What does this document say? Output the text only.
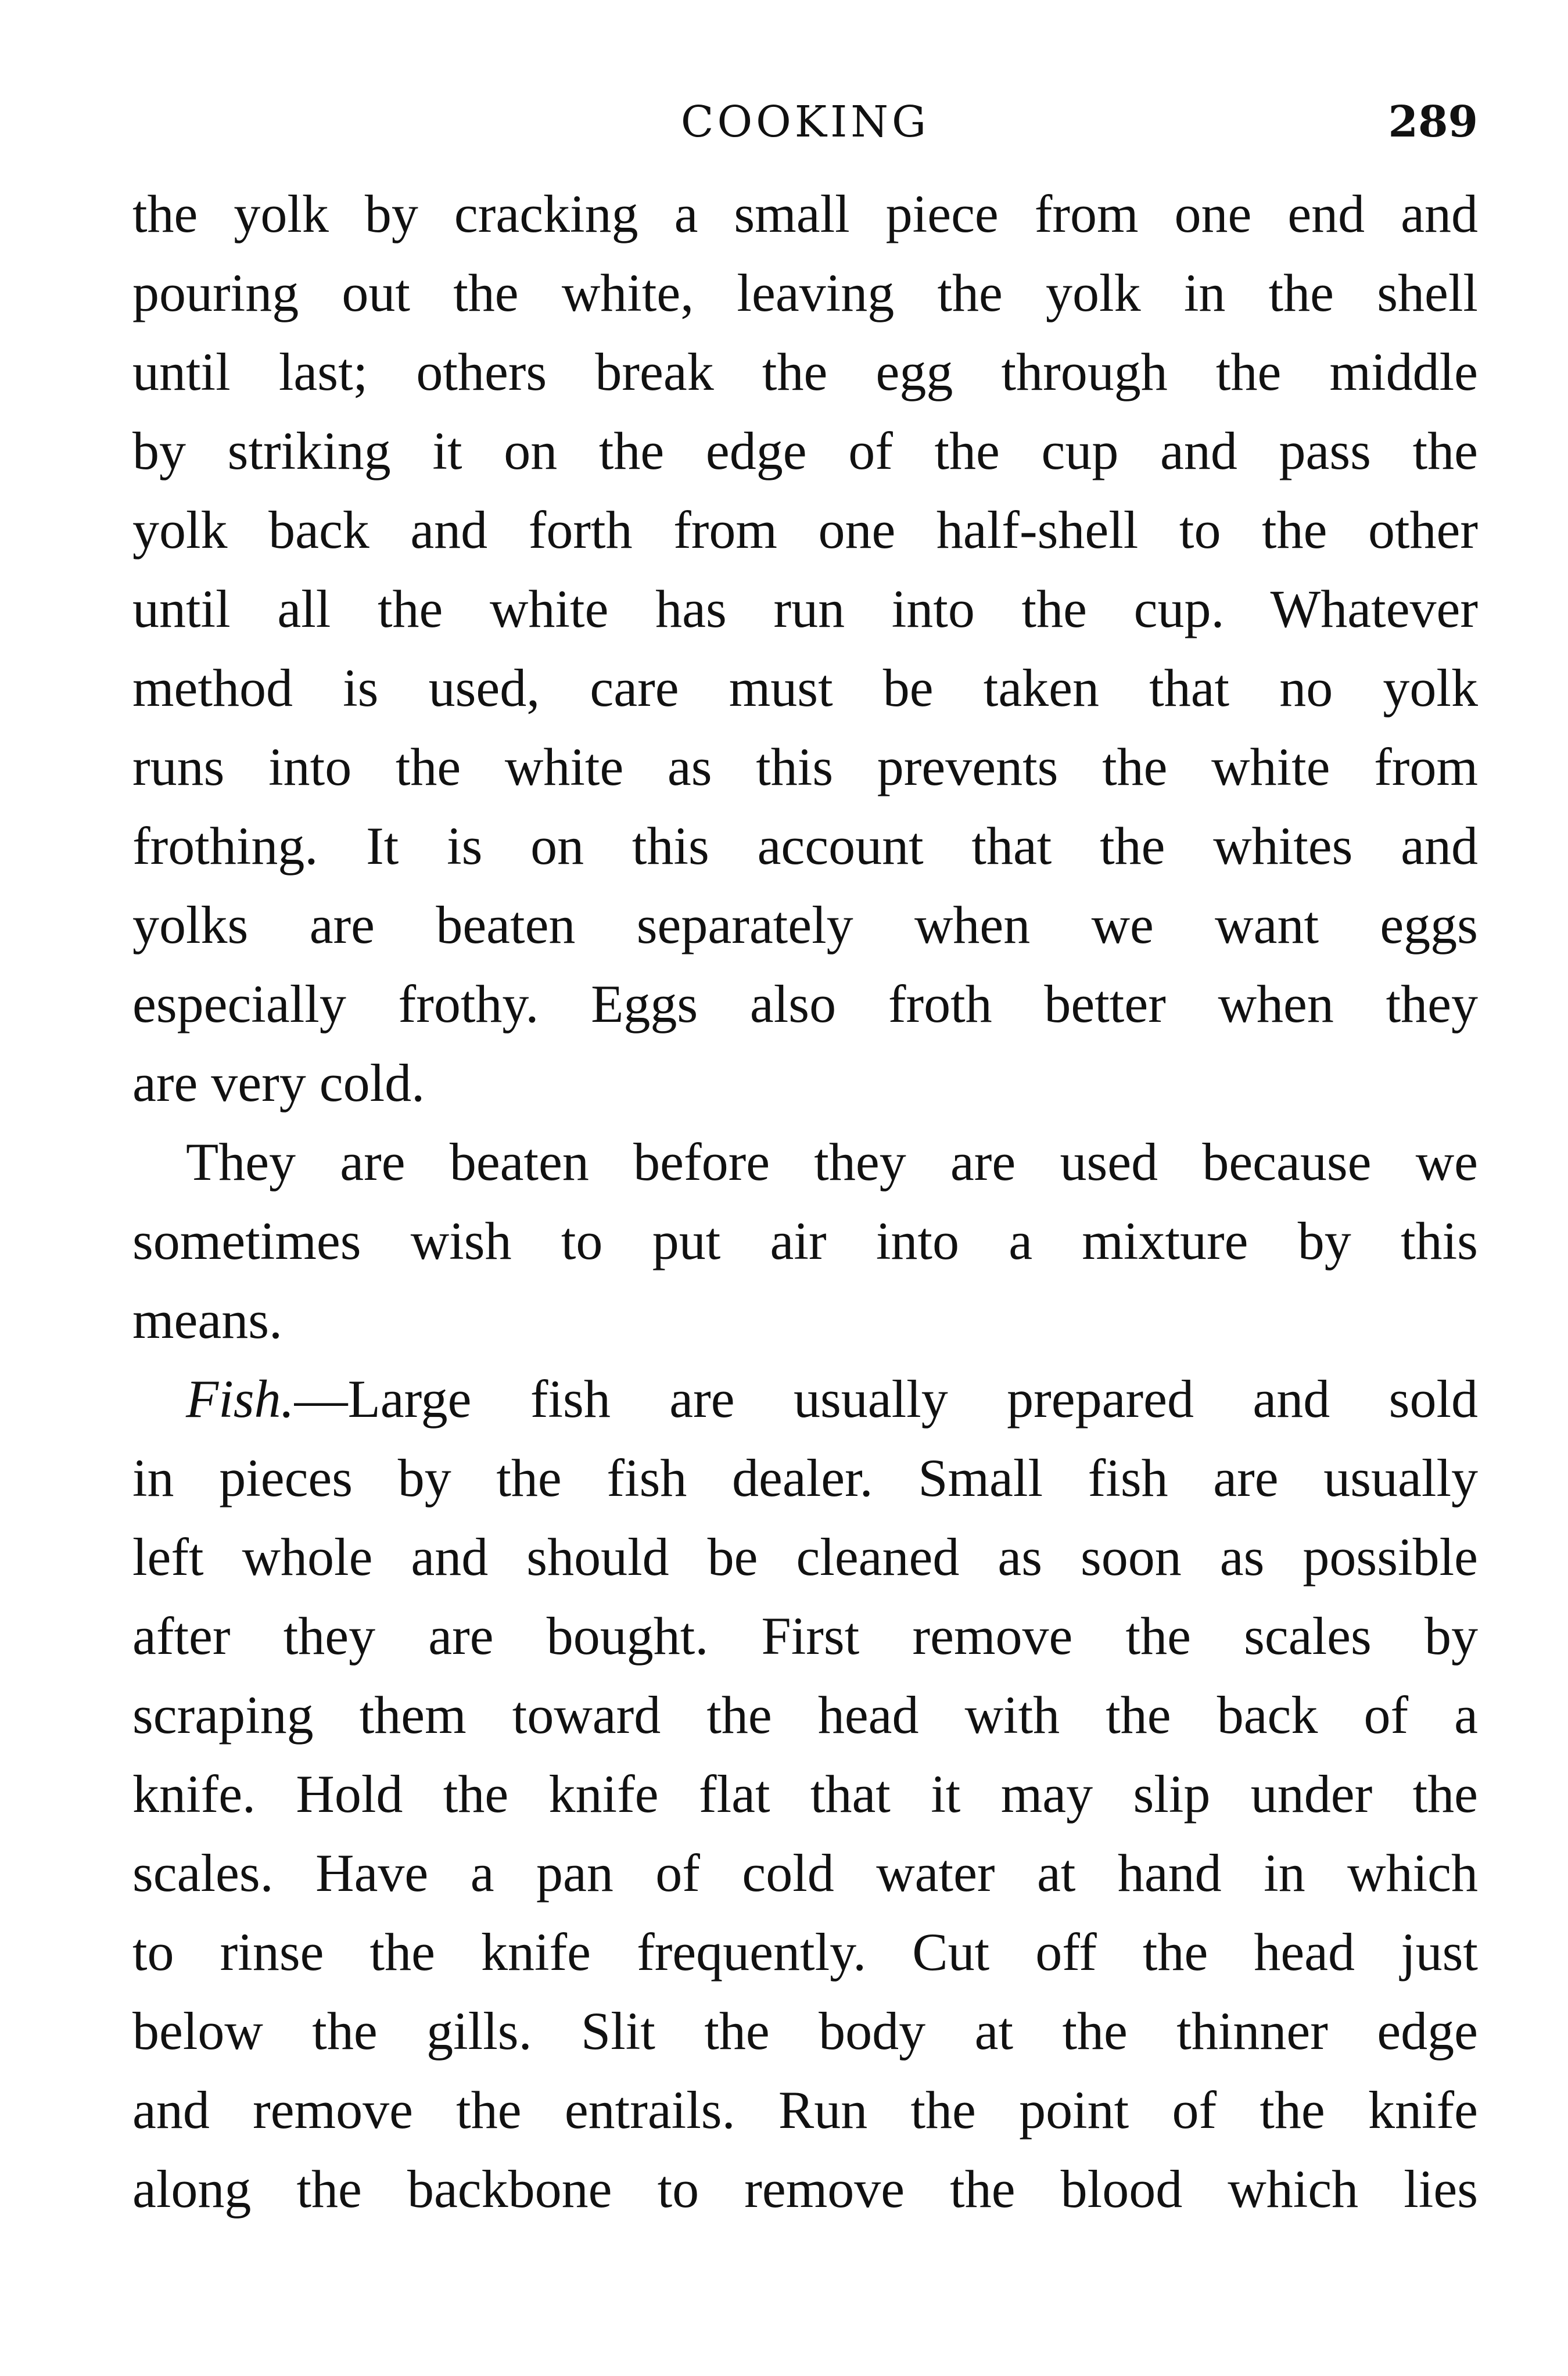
COOKING	289
the yolk by cracking a small piece from one end and
pouring out the white, leaving the yolk in the shell
until last; others break the egg through the middle
by striking it on the edge of the cup and pass the
yolk back and forth from one half-shell to the other
until all the white has run into the cup. Whatever
method is used, care must be taken that no yolk
runs into the white as this prevents the white from
frothing. It is on this account that the whites and
yolks are beaten separately when we want eggs
especially frothy. Eggs also froth better when they
are very cold.
They are beaten before they are used because we
sometimes wish to put air into a mixture by this
means.
Fish.—Large fish are usually prepared and sold
in pieces by the fish dealer. Small fish are usually
left whole and should be cleaned as soon as possible
after they are bought. First remove the scales by
scraping them toward the head with the back of a
knife. Hold the knife flat that it may slip under the
scales. Have a pan of cold water at hand in which
to rinse the knife frequently. Cut off the head just
below the gills. Slit the body at the thinner edge
and remove the entrails. Run the point of the knife
along the backbone to remove the blood which lies
